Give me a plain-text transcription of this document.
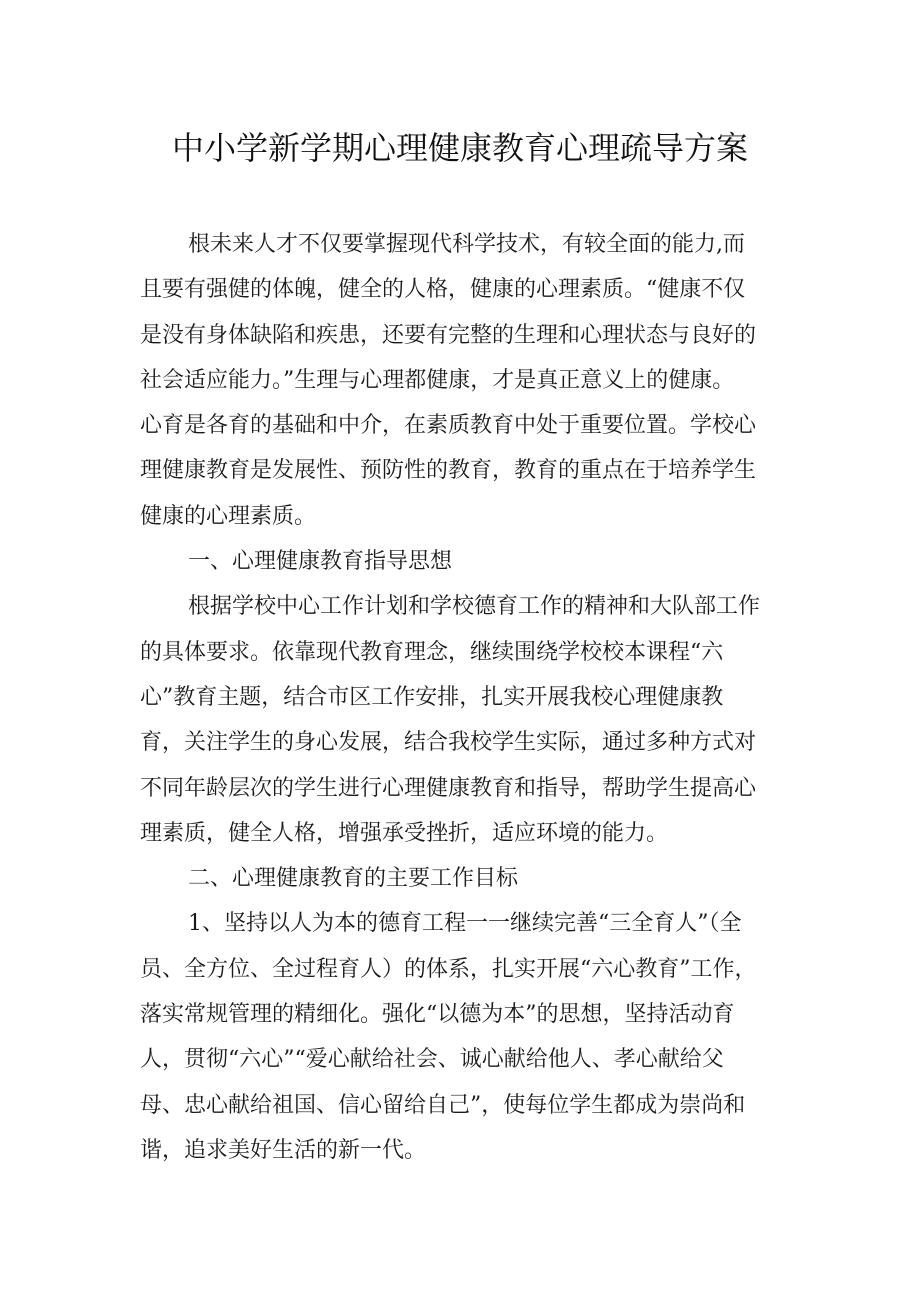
中小学新学期心理健康教育心理疏导方案
根未来人才不仅要掌握现代科学技术，有较全面的能力,而
且要有强健的体魄，健全的人格，健康的心理素质。“健康不仅
是没有身体缺陷和疾患，还要有完整的生理和心理状态与良好的
社会适应能力。”生理与心理都健康，才是真正意义上的健康。
心育是各育的基础和中介，在素质教育中处于重要位置。学校心
理健康教育是发展性、预防性的教育，教育的重点在于培养学生
健康的心理素质。
一、心理健康教育指导思想
根据学校中心工作计划和学校德育工作的精神和大队部工作
的具体要求。依靠现代教育理念，继续围绕学校校本课程“六
心”教育主题，结合市区工作安排，扎实开展我校心理健康教
育，关注学生的身心发展，结合我校学生实际，通过多种方式对
不同年龄层次的学生进行心理健康教育和指导，帮助学生提高心
理素质，健全人格，增强承受挫折，适应环境的能力。
二、心理健康教育的主要工作目标
1、坚持以人为本的德育工程一一继续完善“三全育人”（全
员、全方位、全过程育人）的体系，扎实开展“六心教育”工作，
落实常规管理的精细化。强化“以德为本”的思想，坚持活动育
人，贯彻“六心”“爱心献给社会、诚心献给他人、孝心献给父
母、忠心献给祖国、信心留给自己”，使每位学生都成为崇尚和
谐，追求美好生活的新一代。
